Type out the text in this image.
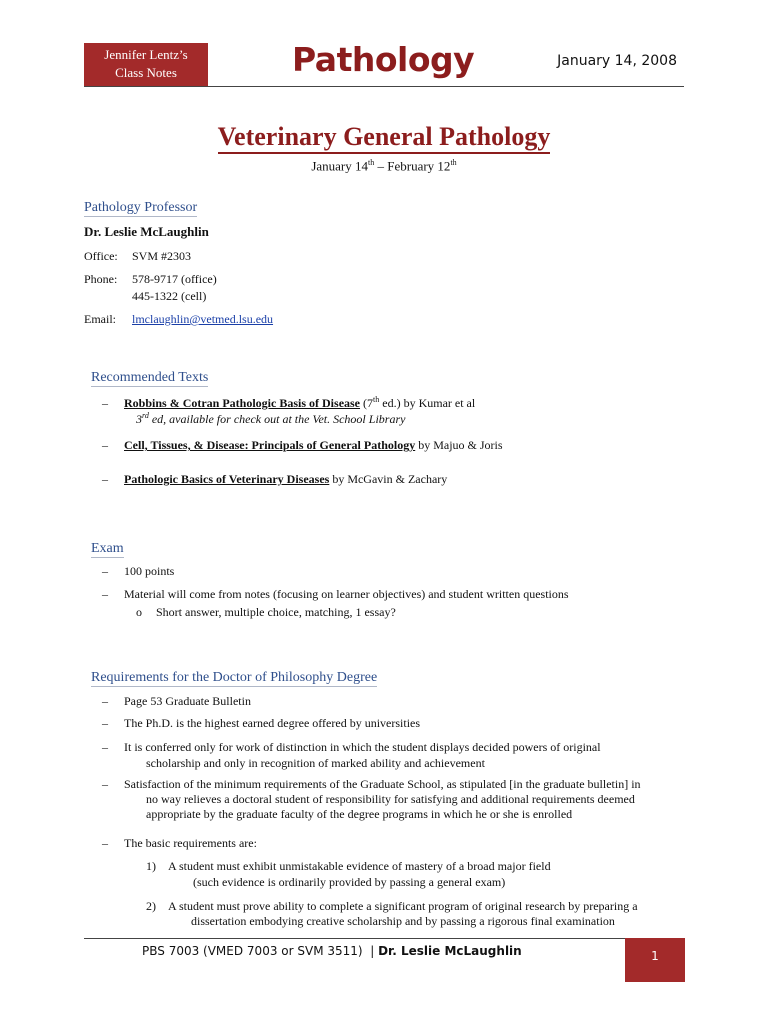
Jennifer Lentz’s
Class Notes	Pathology	January 14, 2008
Veterinary General Pathology
January 14th – February 12th
Pathology Professor
Dr. Leslie McLaughlin
Office: SVM #2303
Phone: 578-9717 (office)
445-1322 (cell)
Email: lmclaughlin@vetmed.lsu.edu
Recommended Texts
– Robbins & Cotran Pathologic Basis of Disease (7th ed.) by Kumar et al
3rd ed, available for check out at the Vet. School Library
– Cell, Tissues, & Disease: Principals of General Pathology by Majuo & Joris
– Pathologic Basics of Veterinary Diseases by McGavin & Zachary
Exam
– 100 points
– Material will come from notes (focusing on learner objectives) and student written questions
o Short answer, multiple choice, matching, 1 essay?
Requirements for the Doctor of Philosophy Degree
– Page 53 Graduate Bulletin
– The Ph.D. is the highest earned degree offered by universities
– It is conferred only for work of distinction in which the student displays decided powers of original
scholarship and only in recognition of marked ability and achievement
– Satisfaction of the minimum requirements of the Graduate School, as stipulated [in the graduate bulletin] in
no way relieves a doctoral student of responsibility for satisfying and additional requirements deemed
appropriate by the graduate faculty of the degree programs in which he or she is enrolled
– The basic requirements are:
1) A student must exhibit unmistakable evidence of mastery of a broad major field
(such evidence is ordinarily provided by passing a general exam)
2) A student must prove ability to complete a significant program of original research by preparing a
dissertation embodying creative scholarship and by passing a rigorous final examination
PBS 7003 (VMED 7003 or SVM 3511)  | Dr. Leslie McLaughlin	1
